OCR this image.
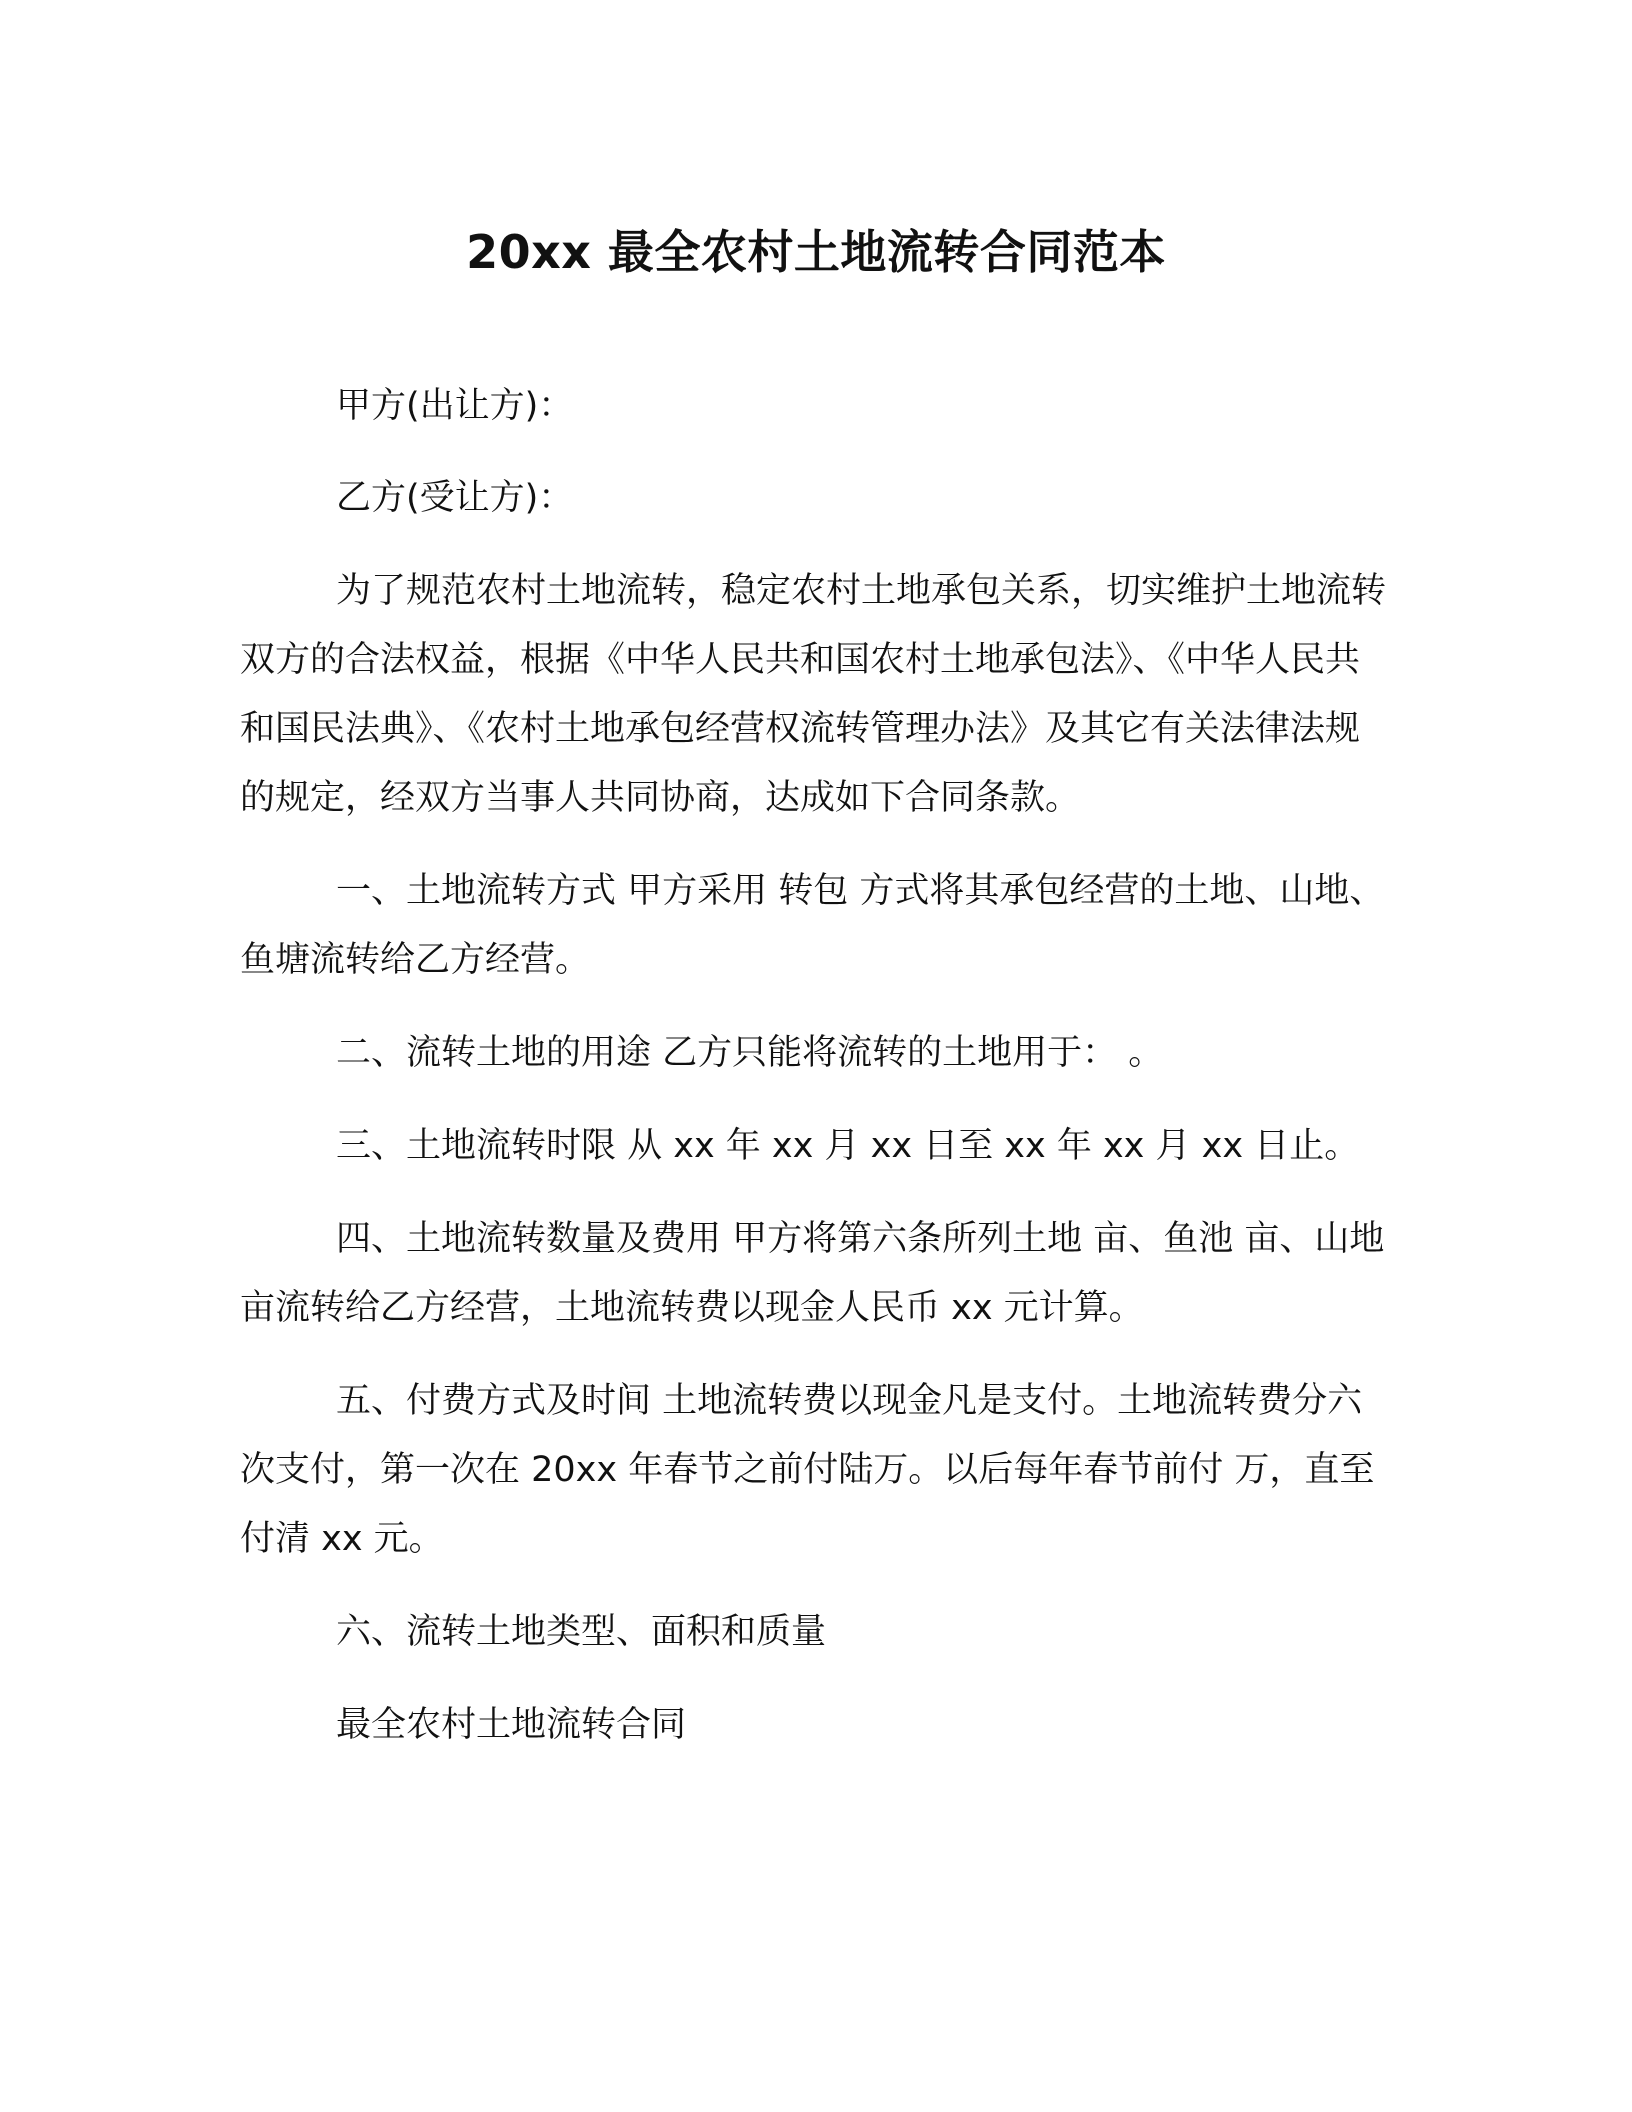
20xx 最全农村土地流转合同范本

甲方(出让方)：

乙方(受让方)：

为了规范农村土地流转，稳定农村土地承包关系，切实维护土地流转双方的合法权益，根据《中华人民共和国农村土地承包法》、《中华人民共和国民法典》、《农村土地承包经营权流转管理办法》及其它有关法律法规的规定，经双方当事人共同协商，达成如下合同条款。

一、土地流转方式 甲方采用 转包 方式将其承包经营的土地、山地、鱼塘流转给乙方经营。

二、流转土地的用途 乙方只能将流转的土地用于： 。

三、土地流转时限 从 xx 年 xx 月 xx 日至 xx 年 xx 月 xx 日止。

四、土地流转数量及费用 甲方将第六条所列土地 亩、鱼池 亩、山地 亩流转给乙方经营，土地流转费以现金人民币 xx 元计算。

五、付费方式及时间 土地流转费以现金凡是支付。土地流转费分六次支付，第一次在 20xx 年春节之前付陆万。以后每年春节前付 万，直至付清 xx 元。

六、流转土地类型、面积和质量

最全农村土地流转合同
